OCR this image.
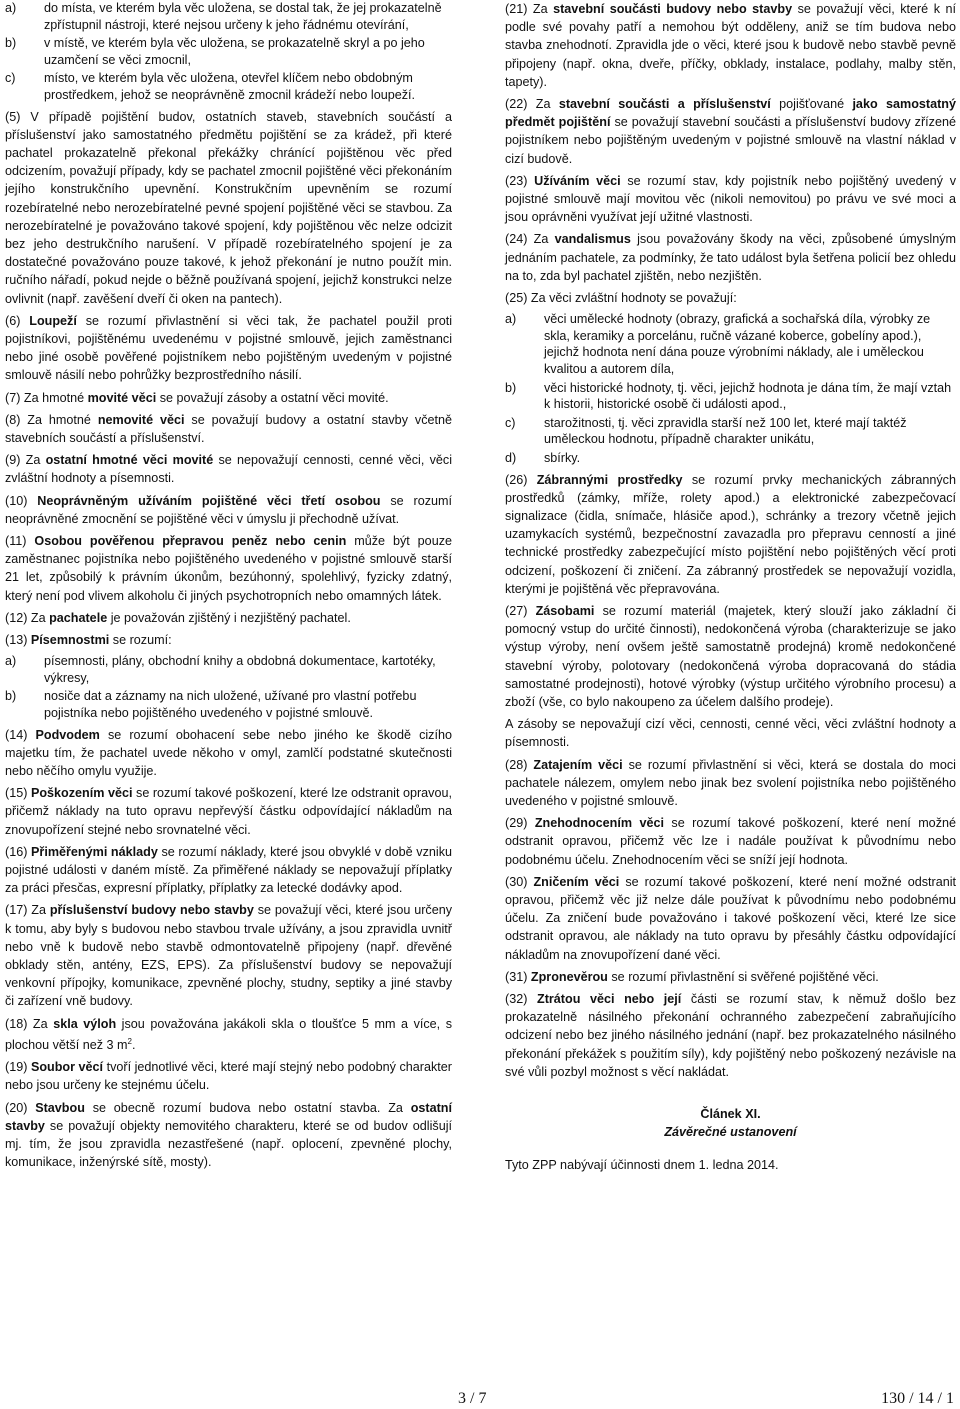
a)	do místa, ve kterém byla věc uložena, se dostal tak, že jej prokazatelně zpřístupnil nástroji, které nejsou určeny k jeho řádnému otevírání,
b)	v místě, ve kterém byla věc uložena, se prokazatelně skryl a po jeho uzamčení se věci zmocnil,
c)	místo, ve kterém byla věc uložena, otevřel klíčem nebo obdobným prostředkem, jehož se neoprávněně zmocnil krádeží nebo loupeží.

(5) V případě pojištění budov, ostatních staveb, stavebních součástí a příslušenství jako samostatného předmětu pojištění se za krádež, při které pachatel prokazatelně překonal překážky chránící pojištěnou věc před odcizením, považují případy, kdy se pachatel zmocnil pojištěné věci překonáním jejího konstrukčního upevnění. Konstrukčním upevněním se rozumí rozebíratelné nebo nerozebíratelné pevné spojení pojištěné věci se stavbou. Za nerozebíratelné je považováno takové spojení, kdy pojištěnou věc nelze odcizit bez jeho destrukčního narušení. V případě rozebíratelného spojení je za dostatečné považováno pouze takové, k jehož překonání je nutno použít min. ručního nářadí, pokud nejde o běžně používaná spojení, jejichž konstrukci nelze ovlivnit (např. zavěšení dveří či oken na pantech).

(6) Loupeží se rozumí přivlastnění si věci tak, že pachatel použil proti pojistníkovi, pojištěnému uvedenému v pojistné smlouvě, jejich zaměstnanci nebo jiné osobě pověřené pojistníkem nebo pojištěným uvedeným v pojistné smlouvě násilí nebo pohrůžky bezprostředního násilí.

(7) Za hmotné movité věci se považují zásoby a ostatní věci movité.

(8) Za hmotné nemovité věci se považují budovy a ostatní stavby včetně stavebních součástí a příslušenství.

(9) Za ostatní hmotné věci movité se nepovažují cennosti, cenné věci, věci zvláštní hodnoty a písemnosti.

(10) Neoprávněným užíváním pojištěné věci třetí osobou se rozumí neoprávněné zmocnění se pojištěné věci v úmyslu ji přechodně užívat.

(11) Osobou pověřenou přepravou peněz nebo cenin může být pouze zaměstnanec pojistníka nebo pojištěného uvedeného v pojistné smlouvě starší 21 let, způsobilý k právním úkonům, bezúhonný, spolehlivý, fyzicky zdatný, který není pod vlivem alkoholu či jiných psychotropních nebo omamných látek.

(12) Za pachatele je považován zjištěný i nezjištěný pachatel.

(13) Písemnostmi se rozumí:

a)	písemnosti, plány, obchodní knihy a obdobná dokumentace, kartotéky, výkresy,
b)	nosiče dat a záznamy na nich uložené, užívané pro vlastní potřebu pojistníka nebo pojištěného uvedeného v pojistné smlouvě.

(14) Podvodem se rozumí obohacení sebe nebo jiného ke škodě cizího majetku tím, že pachatel uvede někoho v omyl, zamlčí podstatné skutečnosti nebo něčího omylu využije.

(15) Poškozením věci se rozumí takové poškození, které lze odstranit opravou, přičemž náklady na tuto opravu nepřevýší částku odpovídající nákladům na znovupořízení stejné nebo srovnatelné věci.

(16) Přiměřenými náklady se rozumí náklady, které jsou obvyklé v době vzniku pojistné události v daném místě. Za přiměřené náklady se nepovažují příplatky za práci přesčas, expresní příplatky, příplatky za letecké dodávky apod.

(17) Za příslušenství budovy nebo stavby se považují věci, které jsou určeny k tomu, aby byly s budovou nebo stavbou trvale užívány, a jsou zpravidla uvnitř nebo vně k budově nebo stavbě odmontovatelně připojeny (např. dřevěné obklady stěn, antény, EZS, EPS). Za příslušenství budovy se nepovažují venkovní přípojky, komunikace, zpevněné plochy, studny, septiky a jiné stavby či zařízení vně budovy.

(18) Za skla výloh jsou považována jakákoli skla o tloušťce 5 mm a více, s plochou větší než 3 $m^2$.

(19) Soubor věcí tvoří jednotlivé věci, které mají stejný nebo podobný charakter nebo jsou určeny ke stejnému účelu.

(20) Stavbou se obecně rozumí budova nebo ostatní stavba. Za ostatní stavby se považují objekty nemovitého charakteru, které se od budov odlišují mj. tím, že jsou zpravidla nezastřešené (např. oplocení, zpevněné plochy, komunikace, inženýrské sítě, mosty).

(21) Za stavební součásti budovy nebo stavby se považují věci, které k ní podle své povahy patří a nemohou být odděleny, aniž se tím budova nebo stavba znehodnotí. Zpravidla jde o věci, které jsou k budově nebo stavbě pevně připojeny (např. okna, dveře, příčky, obklady, instalace, podlahy, malby stěn, tapety).

(22) Za stavební součásti a příslušenství pojišťované jako samostatný předmět pojištění se považují stavební součásti a příslušenství budovy zřízené pojistníkem nebo pojištěným uvedeným v pojistné smlouvě na vlastní náklad v cizí budově.

(23) Užíváním věci se rozumí stav, kdy pojistník nebo pojištěný uvedený v pojistné smlouvě mají movitou věc (nikoli nemovitou) po právu ve své moci a jsou oprávněni využívat její užitné vlastnosti.

(24) Za vandalismus jsou považovány škody na věci, způsobené úmyslným jednáním pachatele, za podmínky, že tato událost byla šetřena policií bez ohledu na to, zda byl pachatel zjištěn, nebo nezjištěn.

(25) Za věci zvláštní hodnoty se považují:

a)	věci umělecké hodnoty (obrazy, grafická a sochařská díla, výrobky ze skla, keramiky a porcelánu, ručně vázané koberce, gobelíny apod.), jejichž hodnota není dána pouze výrobními náklady, ale i uměleckou kvalitou a autorem díla,
b)	věci historické hodnoty, tj. věci, jejichž hodnota je dána tím, že mají vztah k historii, historické osobě či události apod.,
c)	starožitnosti, tj. věci zpravidla starší než 100 let, které mají taktéž uměleckou hodnotu, případně charakter unikátu,
d)	sbírky.

(26) Zábrannými prostředky se rozumí prvky mechanických zábranných prostředků (zámky, mříže, rolety apod.) a elektronické zabezpečovací signalizace (čidla, snímače, hlásiče apod.), schránky a trezory včetně jejich uzamykacích systémů, bezpečnostní zavazadla pro přepravu cenností a jiné technické prostředky zabezpečující místo pojištění nebo pojištěných věcí proti odcizení, poškození či zničení. Za zábranný prostředek se nepovažují vozidla, kterými je pojištěná věc přepravována.

(27) Zásobami se rozumí materiál (majetek, který slouží jako základní či pomocný vstup do určité činnosti), nedokončená výroba (charakterizuje se jako výstup výroby, není ovšem ještě samostatně prodejná) kromě nedokončené stavební výroby, polotovary (nedokončená výroba dopracovaná do stádia samostatné prodejnosti), hotové výrobky (výstup určitého výrobního procesu) a zboží (vše, co bylo nakoupeno za účelem dalšího prodeje).

A zásoby se nepovažují cizí věci, cennosti, cenné věci, věci zvláštní hodnoty a písemnosti.

(28) Zatajením věci se rozumí přivlastnění si věci, která se dostala do moci pachatele nálezem, omylem nebo jinak bez svolení pojistníka nebo pojištěného uvedeného v pojistné smlouvě.

(29) Znehodnocením věci se rozumí takové poškození, které není možné odstranit opravou, přičemž věc lze i nadále používat k původnímu nebo podobnému účelu. Znehodnocením věci se sníží její hodnota.

(30) Zničením věci se rozumí takové poškození, které není možné odstranit opravou, přičemž věc již nelze dále používat k původnímu nebo podobnému účelu. Za zničení bude považováno i takové poškození věci, které lze sice odstranit opravou, ale náklady na tuto opravu by přesáhly částku odpovídající nákladům na znovupořízení dané věci.

(31) Zpronevěrou se rozumí přivlastnění si svěřené pojištěné věci.

(32) Ztrátou věci nebo její části se rozumí stav, k němuž došlo bez prokazatelně násilného překonání ochranného zabezpečení zabraňujícího odcizení nebo bez jiného násilného jednání (např. bez prokazatelného násilného překonání překážek s použitím síly), kdy pojištěný nebo poškozený nezávisle na své vůli pozbyl možnost s věcí nakládat.

Článek XI.

Závěrečné ustanovení

Tyto ZPP nabývají účinnosti dnem 1. ledna 2014.

3 / 7	130 / 14 / 1
